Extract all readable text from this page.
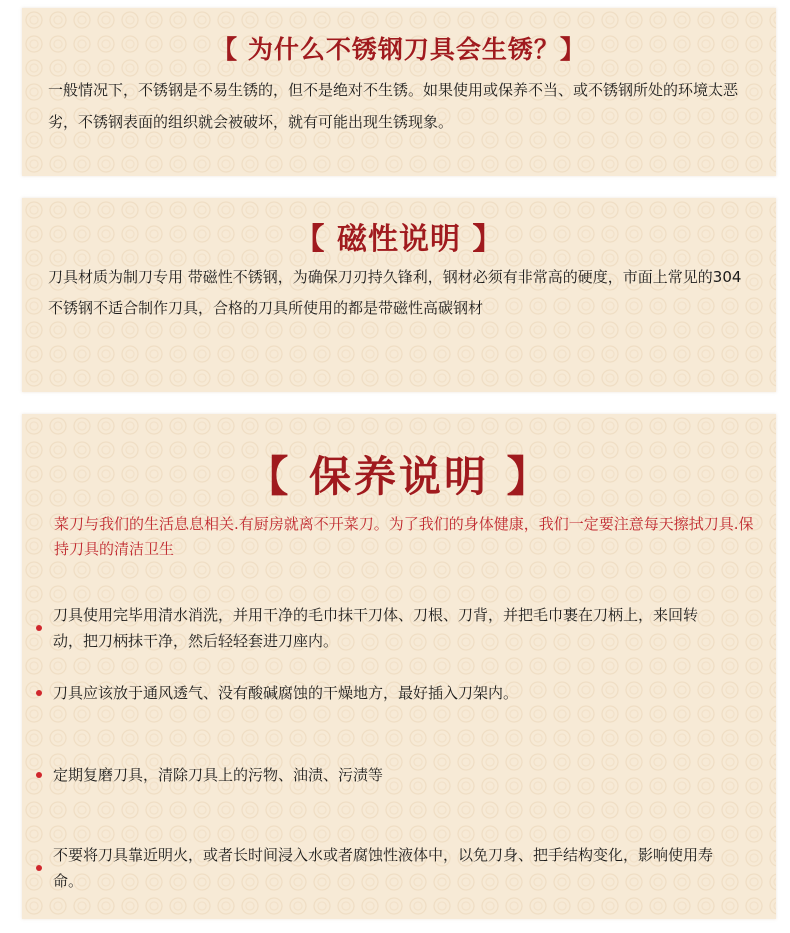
【 为什么不锈钢刀具会生锈？】
一般情况下，不锈钢是不易生锈的，但不是绝对不生锈。如果使用或保养不当、或不锈钢所处的环境太恶劣，不锈钢表面的组织就会被破坏，就有可能出现生锈现象。
【 磁性说明 】
刀具材质为制刀专用 带磁性不锈钢，为确保刀刃持久锋利，钢材必须有非常高的硬度，市面上常见的304不锈钢不适合制作刀具，合格的刀具所使用的都是带磁性高碳钢材
【 保养说明 】
菜刀与我们的生活息息相关.有厨房就离不开菜刀。为了我们的身体健康，我们一定要注意每天擦拭刀具.保持刀具的清洁卫生
刀具使用完毕用清水消洗，并用干净的毛巾抹干刀体、刀根、刀背，并把毛巾裹在刀柄上，来回转动，把刀柄抹干净，然后轻轻套进刀座内。
刀具应该放于通风透气、没有酸碱腐蚀的干燥地方，最好插入刀架内。
定期复磨刀具，清除刀具上的污物、油渍、污渍等
不要将刀具靠近明火，或者长时间浸入水或者腐蚀性液体中，以免刀身、把手结构变化，影响使用寿命。
